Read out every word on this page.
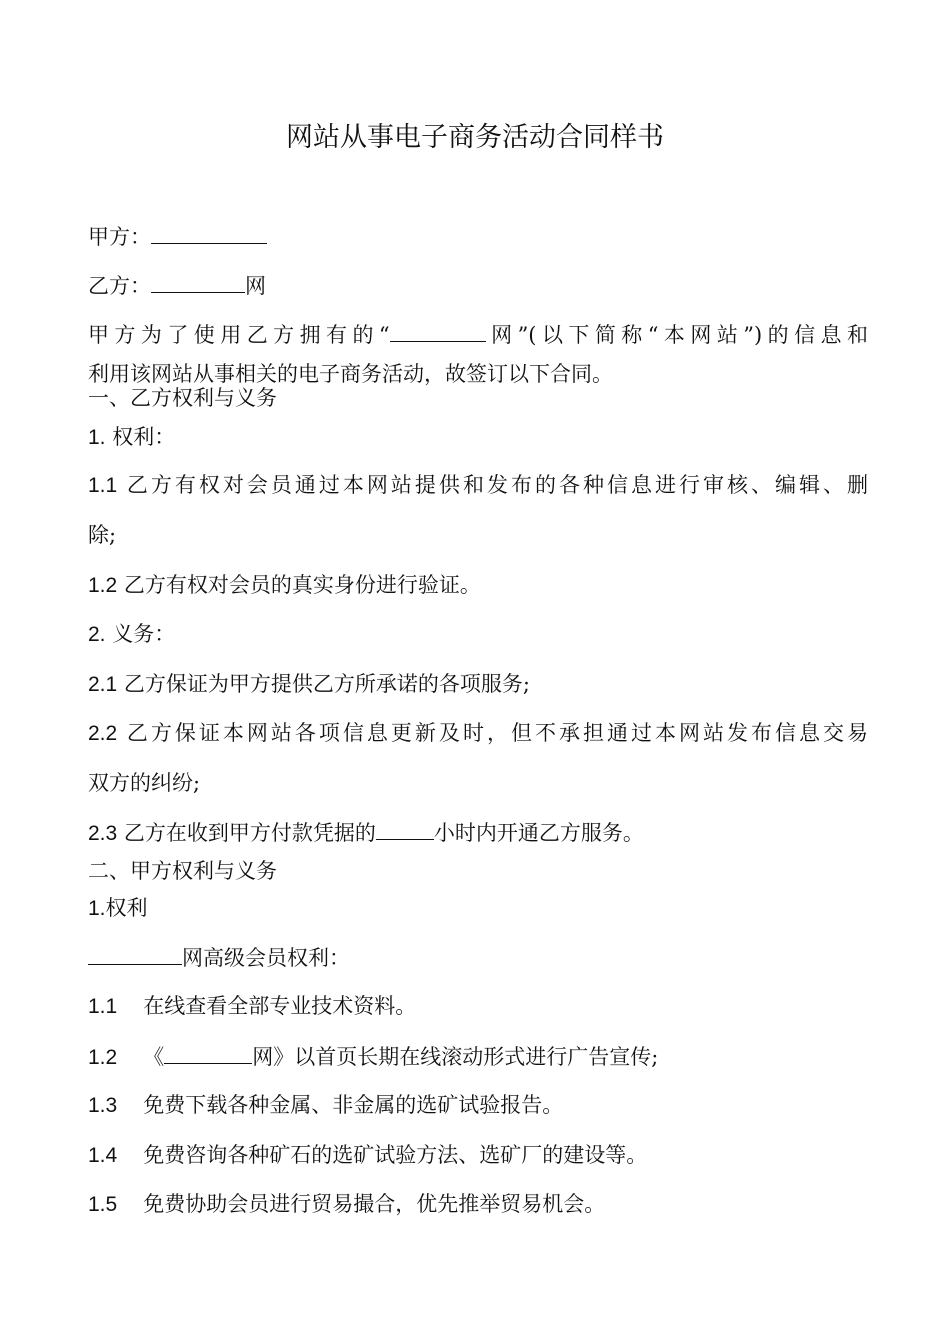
网站从事电子商务活动合同样书
甲方：
乙方：	网
甲方为了使用乙方拥有的“	网”(以下简称“本网站”)的信息和
利用该网站从事相关的电子商务活动，故签订以下合同。
一、乙方权利与义务
1. 权利：
1.1 乙方有权对会员通过本网站提供和发布的各种信息进行审核、编辑、删
除;
1.2 乙方有权对会员的真实身份进行验证。
2. 义务：
2.1 乙方保证为甲方提供乙方所承诺的各项服务;
2.2 乙方保证本网站各项信息更新及时，但不承担通过本网站发布信息交易
双方的纠纷;
2.3 乙方在收到甲方付款凭据的	小时内开通乙方服务。
二、甲方权利与义务
1.权利
网高级会员权利：
1.1 在线查看全部专业技术资料。
1.2 《	网》以首页长期在线滚动形式进行广告宣传;
1.3 免费下载各种金属、非金属的选矿试验报告。
1.4 免费咨询各种矿石的选矿试验方法、选矿厂的建设等。
1.5 免费协助会员进行贸易撮合，优先推举贸易机会。
